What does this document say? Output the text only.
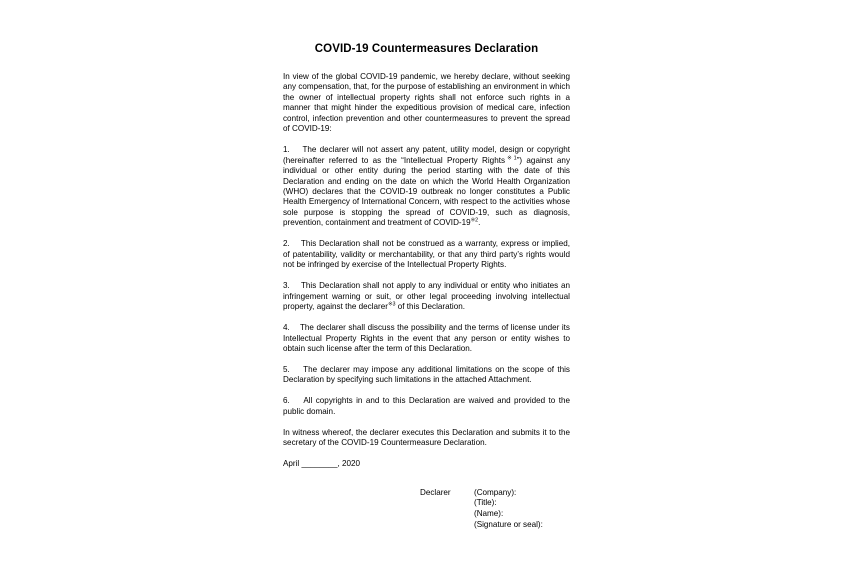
COVID-19 Countermeasures Declaration

In view of the global COVID-19 pandemic, we hereby declare, without seeking any compensation, that, for the purpose of establishing an environment in which the owner of intellectual property rights shall not enforce such rights in a manner that might hinder the expeditious provision of medical care, infection control, infection prevention and other countermeasures to prevent the spread of COVID-19:

1. The declarer will not assert any patent, utility model, design or copyright (hereinafter referred to as the “Intellectual Property Rights$^{※1}$”) against any individual or other entity during the period starting with the date of this Declaration and ending on the date on which the World Health Organization (WHO) declares that the COVID-19 outbreak no longer constitutes a Public Health Emergency of International Concern, with respect to the activities whose sole purpose is stopping the spread of COVID-19, such as diagnosis, prevention, containment and treatment of COVID-19$^{※2}$.

2. This Declaration shall not be construed as a warranty, express or implied, of patentability, validity or merchantability, or that any third party’s rights would not be infringed by exercise of the Intellectual Property Rights.

3. This Declaration shall not apply to any individual or entity who initiates an infringement warning or suit, or other legal proceeding involving intellectual property, against the declarer$^{※3}$ of this Declaration.

4. The declarer shall discuss the possibility and the terms of license under its Intellectual Property Rights in the event that any person or entity wishes to obtain such license after the term of this Declaration.

5. The declarer may impose any additional limitations on the scope of this Declaration by specifying such limitations in the attached Attachment.

6. All copyrights in and to this Declaration are waived and provided to the public domain.

In witness whereof, the declarer executes this Declaration and submits it to the secretary of the COVID-19 Countermeasure Declaration.

April ________, 2020

Declarer	(Company):
(Title):
(Name):
(Signature or seal):
